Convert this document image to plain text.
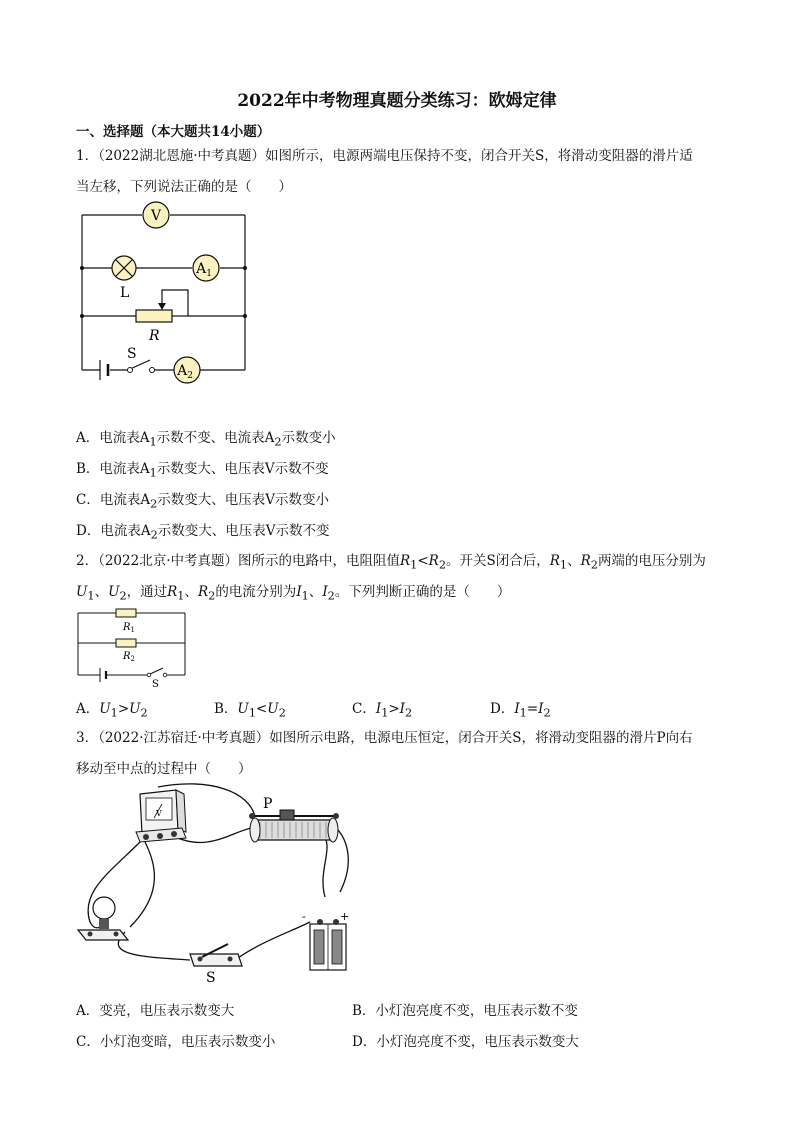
2022年中考物理真题分类练习：欧姆定律
一、选择题（本大题共14小题）
1．（2022湖北恩施·中考真题）如图所示，电源两端电压保持不变，闭合开关S，将滑动变阻器的滑片适
当左移，下列说法正确的是（　　）
V
L
$A_1$
R
S
$A_2$
A．电流表$A_1$示数不变、电流表$A_2$示数变小
B．电流表$A_1$示数变大、电压表V示数不变
C．电流表$A_2$示数变大、电压表V示数变小
D．电流表$A_2$示数变大、电压表V示数不变
2．（2022北京·中考真题）图所示的电路中，电阻阻值$R_1<R_2$。开关S闭合后，$R_1$、$R_2$两端的电压分别为
$U_1$、$U_2$，通过$R_1$、$R_2$的电流分别为$I_1$、$I_2$。下列判断正确的是（　　）
$R_1$
$R_2$
S
A．$U_1>U_2$	B．$U_1<U_2$	C．$I_1>I_2$	D．$I_1=I_2$
3．（2022·江苏宿迁·中考真题）如图所示电路，电源电压恒定，闭合开关S，将滑动变阻器的滑片P向右
移动至中点的过程中（　　）
V
P
-	+
S
A．变亮，电压表示数变大	B．小灯泡亮度不变，电压表示数不变
C．小灯泡变暗，电压表示数变小	D．小灯泡亮度不变，电压表示数变大
